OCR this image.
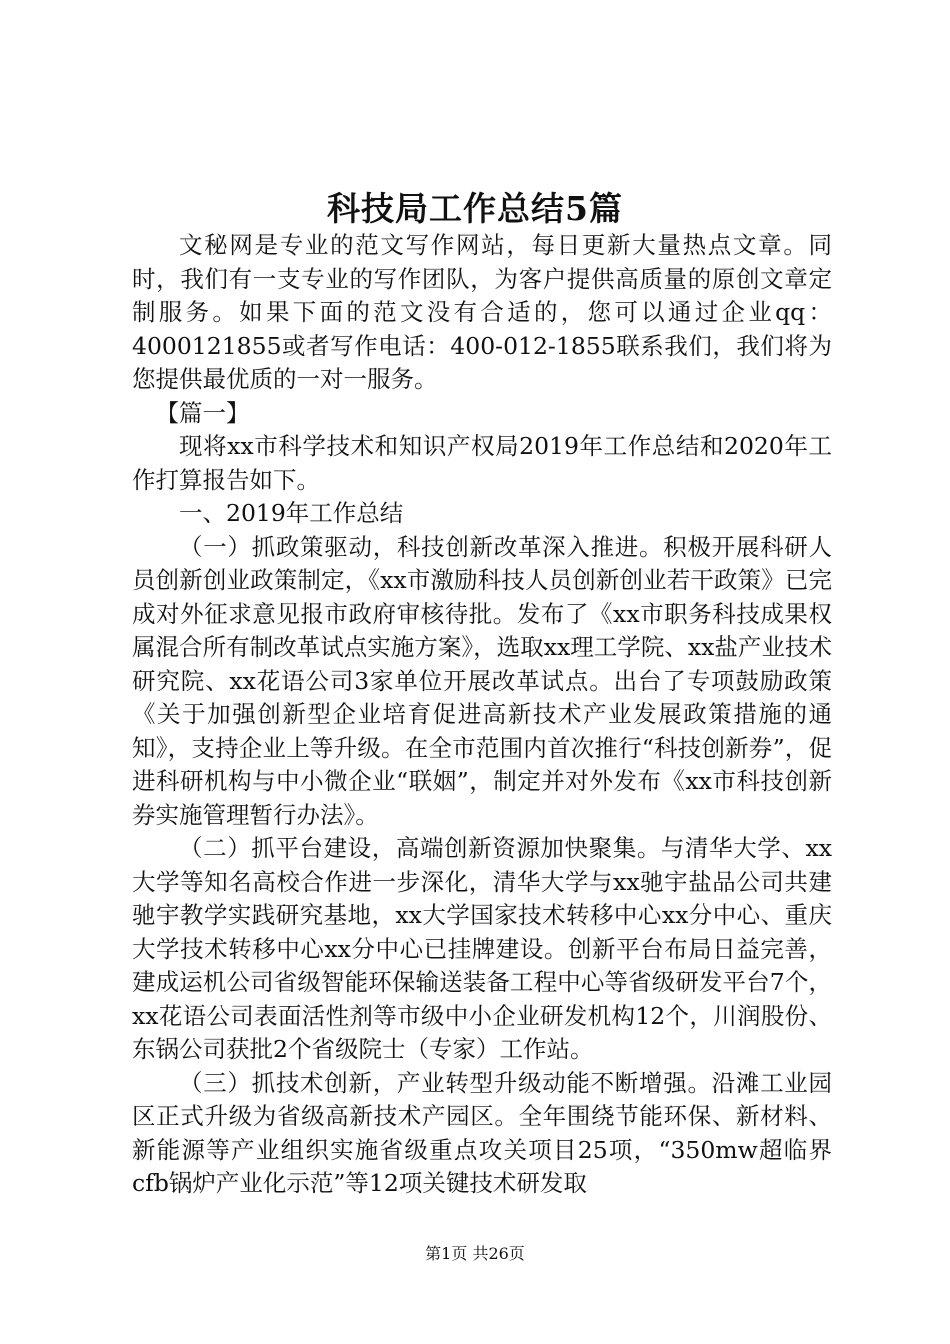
科技局工作总结5篇

文秘网是专业的范文写作网站，每日更新大量热点文章。同时，我们有一支专业的写作团队，为客户提供高质量的原创文章定制服务。如果下面的范文没有合适的，您可以通过企业qq：4000121855或者写作电话：400-012-1855联系我们，我们将为您提供最优质的一对一服务。

【篇一】

现将xx市科学技术和知识产权局2019年工作总结和2020年工作打算报告如下。

一、2019年工作总结

（一）抓政策驱动，科技创新改革深入推进。积极开展科研人员创新创业政策制定，《xx市激励科技人员创新创业若干政策》已完成对外征求意见报市政府审核待批。发布了《xx市职务科技成果权属混合所有制改革试点实施方案》，选取xx理工学院、xx盐产业技术研究院、xx花语公司3家单位开展改革试点。出台了专项鼓励政策《关于加强创新型企业培育促进高新技术产业发展政策措施的通知》，支持企业上等升级。在全市范围内首次推行“科技创新券”，促进科研机构与中小微企业“联姻”，制定并对外发布《xx市科技创新券实施管理暂行办法》。

（二）抓平台建设，高端创新资源加快聚集。与清华大学、xx大学等知名高校合作进一步深化，清华大学与xx驰宇盐品公司共建驰宇教学实践研究基地，xx大学国家技术转移中心xx分中心、重庆大学技术转移中心xx分中心已挂牌建设。创新平台布局日益完善，建成运机公司省级智能环保输送装备工程中心等省级研发平台7个，xx花语公司表面活性剂等市级中小企业研发机构12个，川润股份、东锅公司获批2个省级院士（专家）工作站。

（三）抓技术创新，产业转型升级动能不断增强。沿滩工业园区正式升级为省级高新技术产园区。全年围绕节能环保、新材料、新能源等产业组织实施省级重点攻关项目25项，“350mw超临界cfb锅炉产业化示范”等12项关键技术研发取

第1页 共26页
